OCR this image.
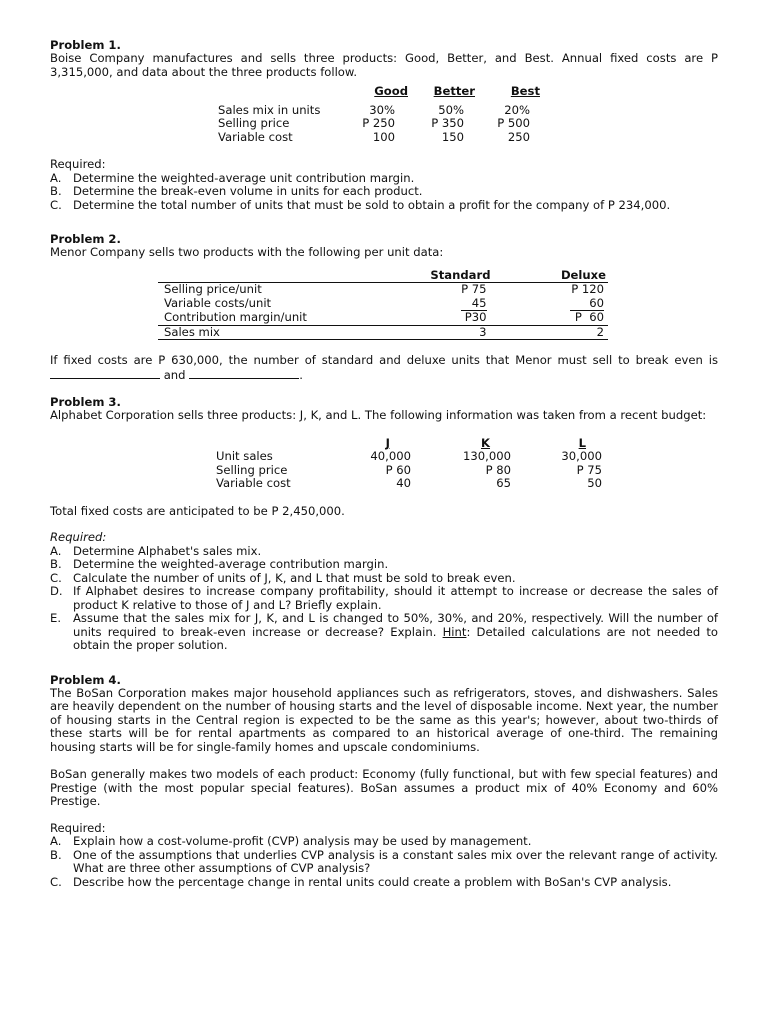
Problem 1.
Boise Company manufactures and sells three products: Good, Better, and Best. Annual fixed costs are P 3,315,000, and data about the three products follow.
	Good	Better	Best

Sales mix in units	30%	50%	20%
Selling price	P 250	P 350	P 500
Variable cost	100	150	250
Required:
A. Determine the weighted-average unit contribution margin.
B. Determine the break-even volume in units for each product.
C. Determine the total number of units that must be sold to obtain a profit for the company of P 234,000.
Problem 2.
Menor Company sells two products with the following per unit data:
	Standard	Deluxe
Selling price/unit	P 75	P 120
Variable costs/unit	45	60
Contribution margin/unit	P30	P  60
Sales mix	3	2
If fixed costs are P 630,000, the number of standard and deluxe units that Menor must sell to break even is  and	.
Problem 3.
Alphabet Corporation sells three products: J, K, and L. The following information was taken from a recent budget:
	J	K	L
Unit sales	40,000	130,000	30,000
Selling price	P 60	P 80	P 75
Variable cost	40	65	50
Total fixed costs are anticipated to be P 2,450,000.
Required:
A. Determine Alphabet's sales mix.
B. Determine the weighted-average contribution margin.
C. Calculate the number of units of J, K, and L that must be sold to break even.
D. If Alphabet desires to increase company profitability, should it attempt to increase or decrease the sales of product K relative to those of J and L? Briefly explain.
E. Assume that the sales mix for J, K, and L is changed to 50%, 30%, and 20%, respectively. Will the number of units required to break-even increase or decrease? Explain. Hint: Detailed calculations are not needed to obtain the proper solution.
Problem 4.
The BoSan Corporation makes major household appliances such as refrigerators, stoves, and dishwashers. Sales are heavily dependent on the number of housing starts and the level of disposable income. Next year, the number of housing starts in the Central region is expected to be the same as this year's; however, about two-thirds of these starts will be for rental apartments as compared to an historical average of one-third. The remaining housing starts will be for single-family homes and upscale condominiums.
BoSan generally makes two models of each product: Economy (fully functional, but with few special features) and Prestige (with the most popular special features). BoSan assumes a product mix of 40% Economy and 60% Prestige.
Required:
A. Explain how a cost-volume-profit (CVP) analysis may be used by management.
B. One of the assumptions that underlies CVP analysis is a constant sales mix over the relevant range of activity. What are three other assumptions of CVP analysis?
C. Describe how the percentage change in rental units could create a problem with BoSan's CVP analysis.
